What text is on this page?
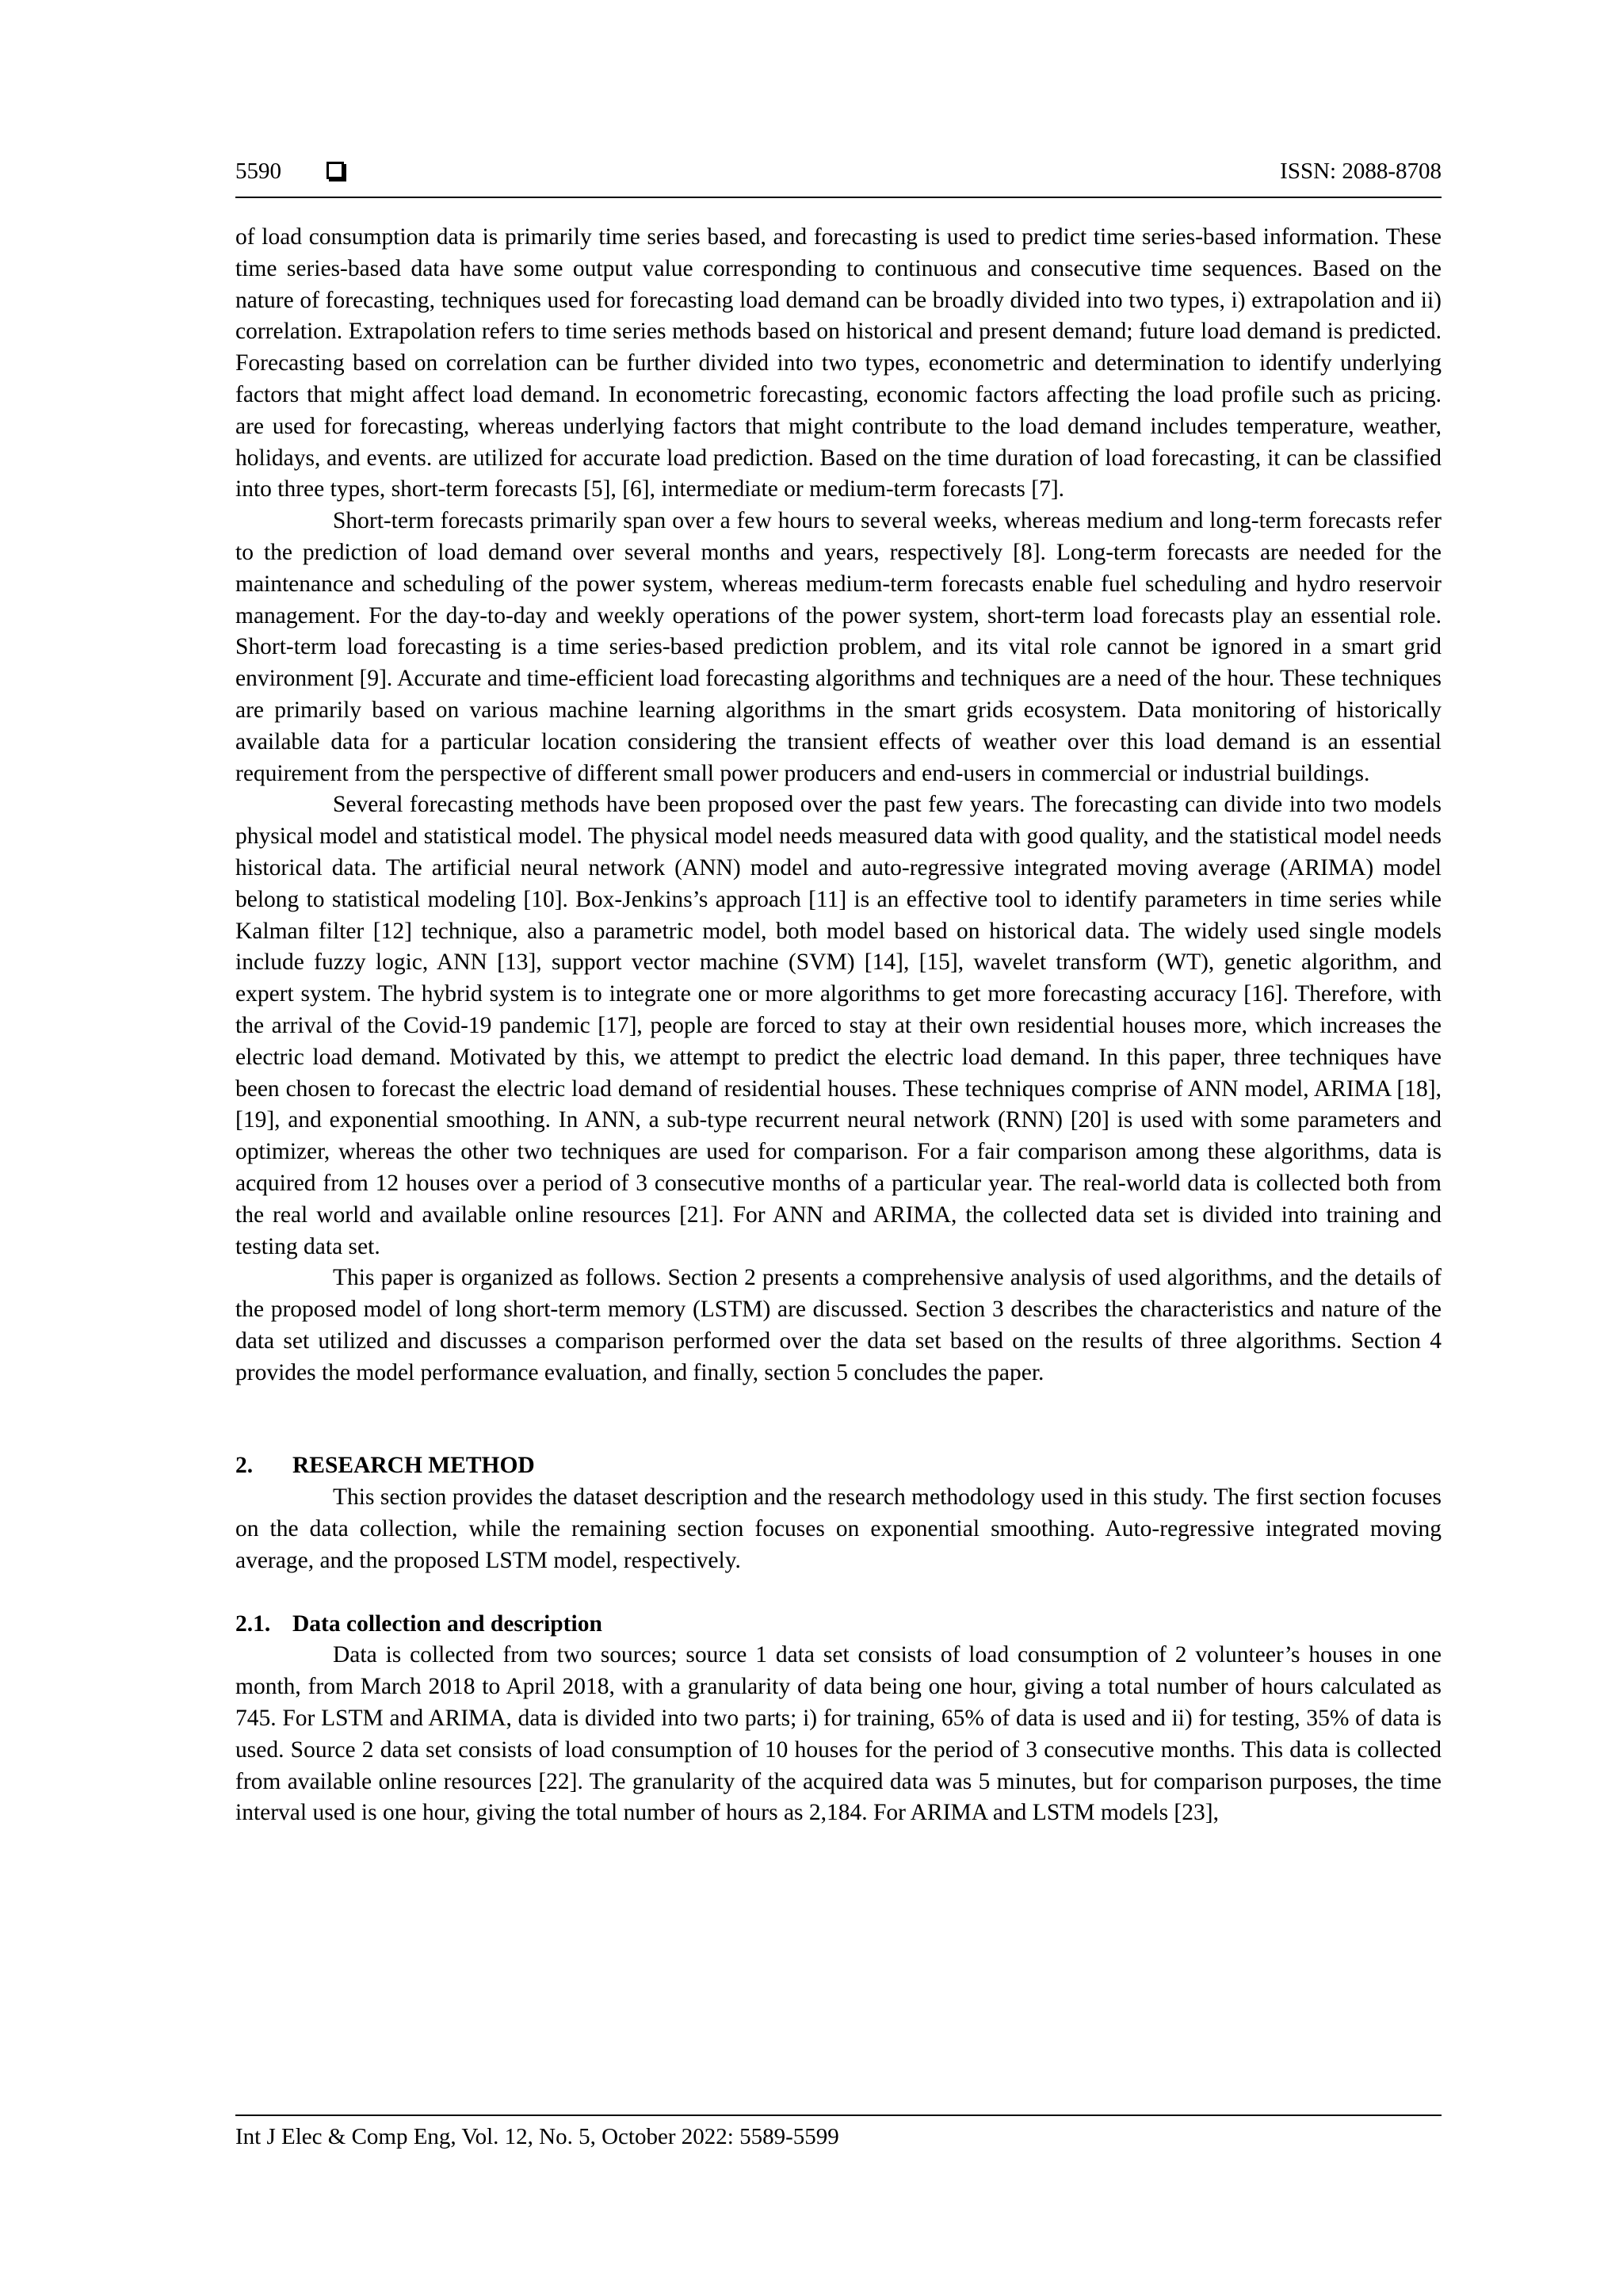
5590	ISSN: 2088-8708

of load consumption data is primarily time series based, and forecasting is used to predict time series-based information. These time series-based data have some output value corresponding to continuous and consecutive time sequences. Based on the nature of forecasting, techniques used for forecasting load demand can be broadly divided into two types, i) extrapolation and ii) correlation. Extrapolation refers to time series methods based on historical and present demand; future load demand is predicted. Forecasting based on correlation can be further divided into two types, econometric and determination to identify underlying factors that might affect load demand. In econometric forecasting, economic factors affecting the load profile such as pricing. are used for forecasting, whereas underlying factors that might contribute to the load demand includes temperature, weather, holidays, and events. are utilized for accurate load prediction. Based on the time duration of load forecasting, it can be classified into three types, short-term forecasts [5], [6], intermediate or medium-term forecasts [7].

Short-term forecasts primarily span over a few hours to several weeks, whereas medium and long-term forecasts refer to the prediction of load demand over several months and years, respectively [8]. Long-term forecasts are needed for the maintenance and scheduling of the power system, whereas medium-term forecasts enable fuel scheduling and hydro reservoir management. For the day-to-day and weekly operations of the power system, short-term load forecasts play an essential role. Short-term load forecasting is a time series-based prediction problem, and its vital role cannot be ignored in a smart grid environment [9]. Accurate and time-efficient load forecasting algorithms and techniques are a need of the hour. These techniques are primarily based on various machine learning algorithms in the smart grids ecosystem. Data monitoring of historically available data for a particular location considering the transient effects of weather over this load demand is an essential requirement from the perspective of different small power producers and end-users in commercial or industrial buildings.

Several forecasting methods have been proposed over the past few years. The forecasting can divide into two models physical model and statistical model. The physical model needs measured data with good quality, and the statistical model needs historical data. The artificial neural network (ANN) model and auto-regressive integrated moving average (ARIMA) model belong to statistical modeling [10]. Box-Jenkins’s approach [11] is an effective tool to identify parameters in time series while Kalman filter [12] technique, also a parametric model, both model based on historical data. The widely used single models include fuzzy logic, ANN [13], support vector machine (SVM) [14], [15], wavelet transform (WT), genetic algorithm, and expert system. The hybrid system is to integrate one or more algorithms to get more forecasting accuracy [16]. Therefore, with the arrival of the Covid-19 pandemic [17], people are forced to stay at their own residential houses more, which increases the electric load demand. Motivated by this, we attempt to predict the electric load demand. In this paper, three techniques have been chosen to forecast the electric load demand of residential houses. These techniques comprise of ANN model, ARIMA [18], [19], and exponential smoothing. In ANN, a sub-type recurrent neural network (RNN) [20] is used with some parameters and optimizer, whereas the other two techniques are used for comparison. For a fair comparison among these algorithms, data is acquired from 12 houses over a period of 3 consecutive months of a particular year. The real-world data is collected both from the real world and available online resources [21]. For ANN and ARIMA, the collected data set is divided into training and testing data set.

This paper is organized as follows. Section 2 presents a comprehensive analysis of used algorithms, and the details of the proposed model of long short-term memory (LSTM) are discussed. Section 3 describes the characteristics and nature of the data set utilized and discusses a comparison performed over the data set based on the results of three algorithms. Section 4 provides the model performance evaluation, and finally, section 5 concludes the paper.

2. RESEARCH METHOD

This section provides the dataset description and the research methodology used in this study. The first section focuses on the data collection, while the remaining section focuses on exponential smoothing. Auto-regressive integrated moving average, and the proposed LSTM model, respectively.

2.1. Data collection and description

Data is collected from two sources; source 1 data set consists of load consumption of 2 volunteer’s houses in one month, from March 2018 to April 2018, with a granularity of data being one hour, giving a total number of hours calculated as 745. For LSTM and ARIMA, data is divided into two parts; i) for training, 65% of data is used and ii) for testing, 35% of data is used. Source 2 data set consists of load consumption of 10 houses for the period of 3 consecutive months. This data is collected from available online resources [22]. The granularity of the acquired data was 5 minutes, but for comparison purposes, the time interval used is one hour, giving the total number of hours as 2,184. For ARIMA and LSTM models [23],

Int J Elec & Comp Eng, Vol. 12, No. 5, October 2022: 5589-5599
